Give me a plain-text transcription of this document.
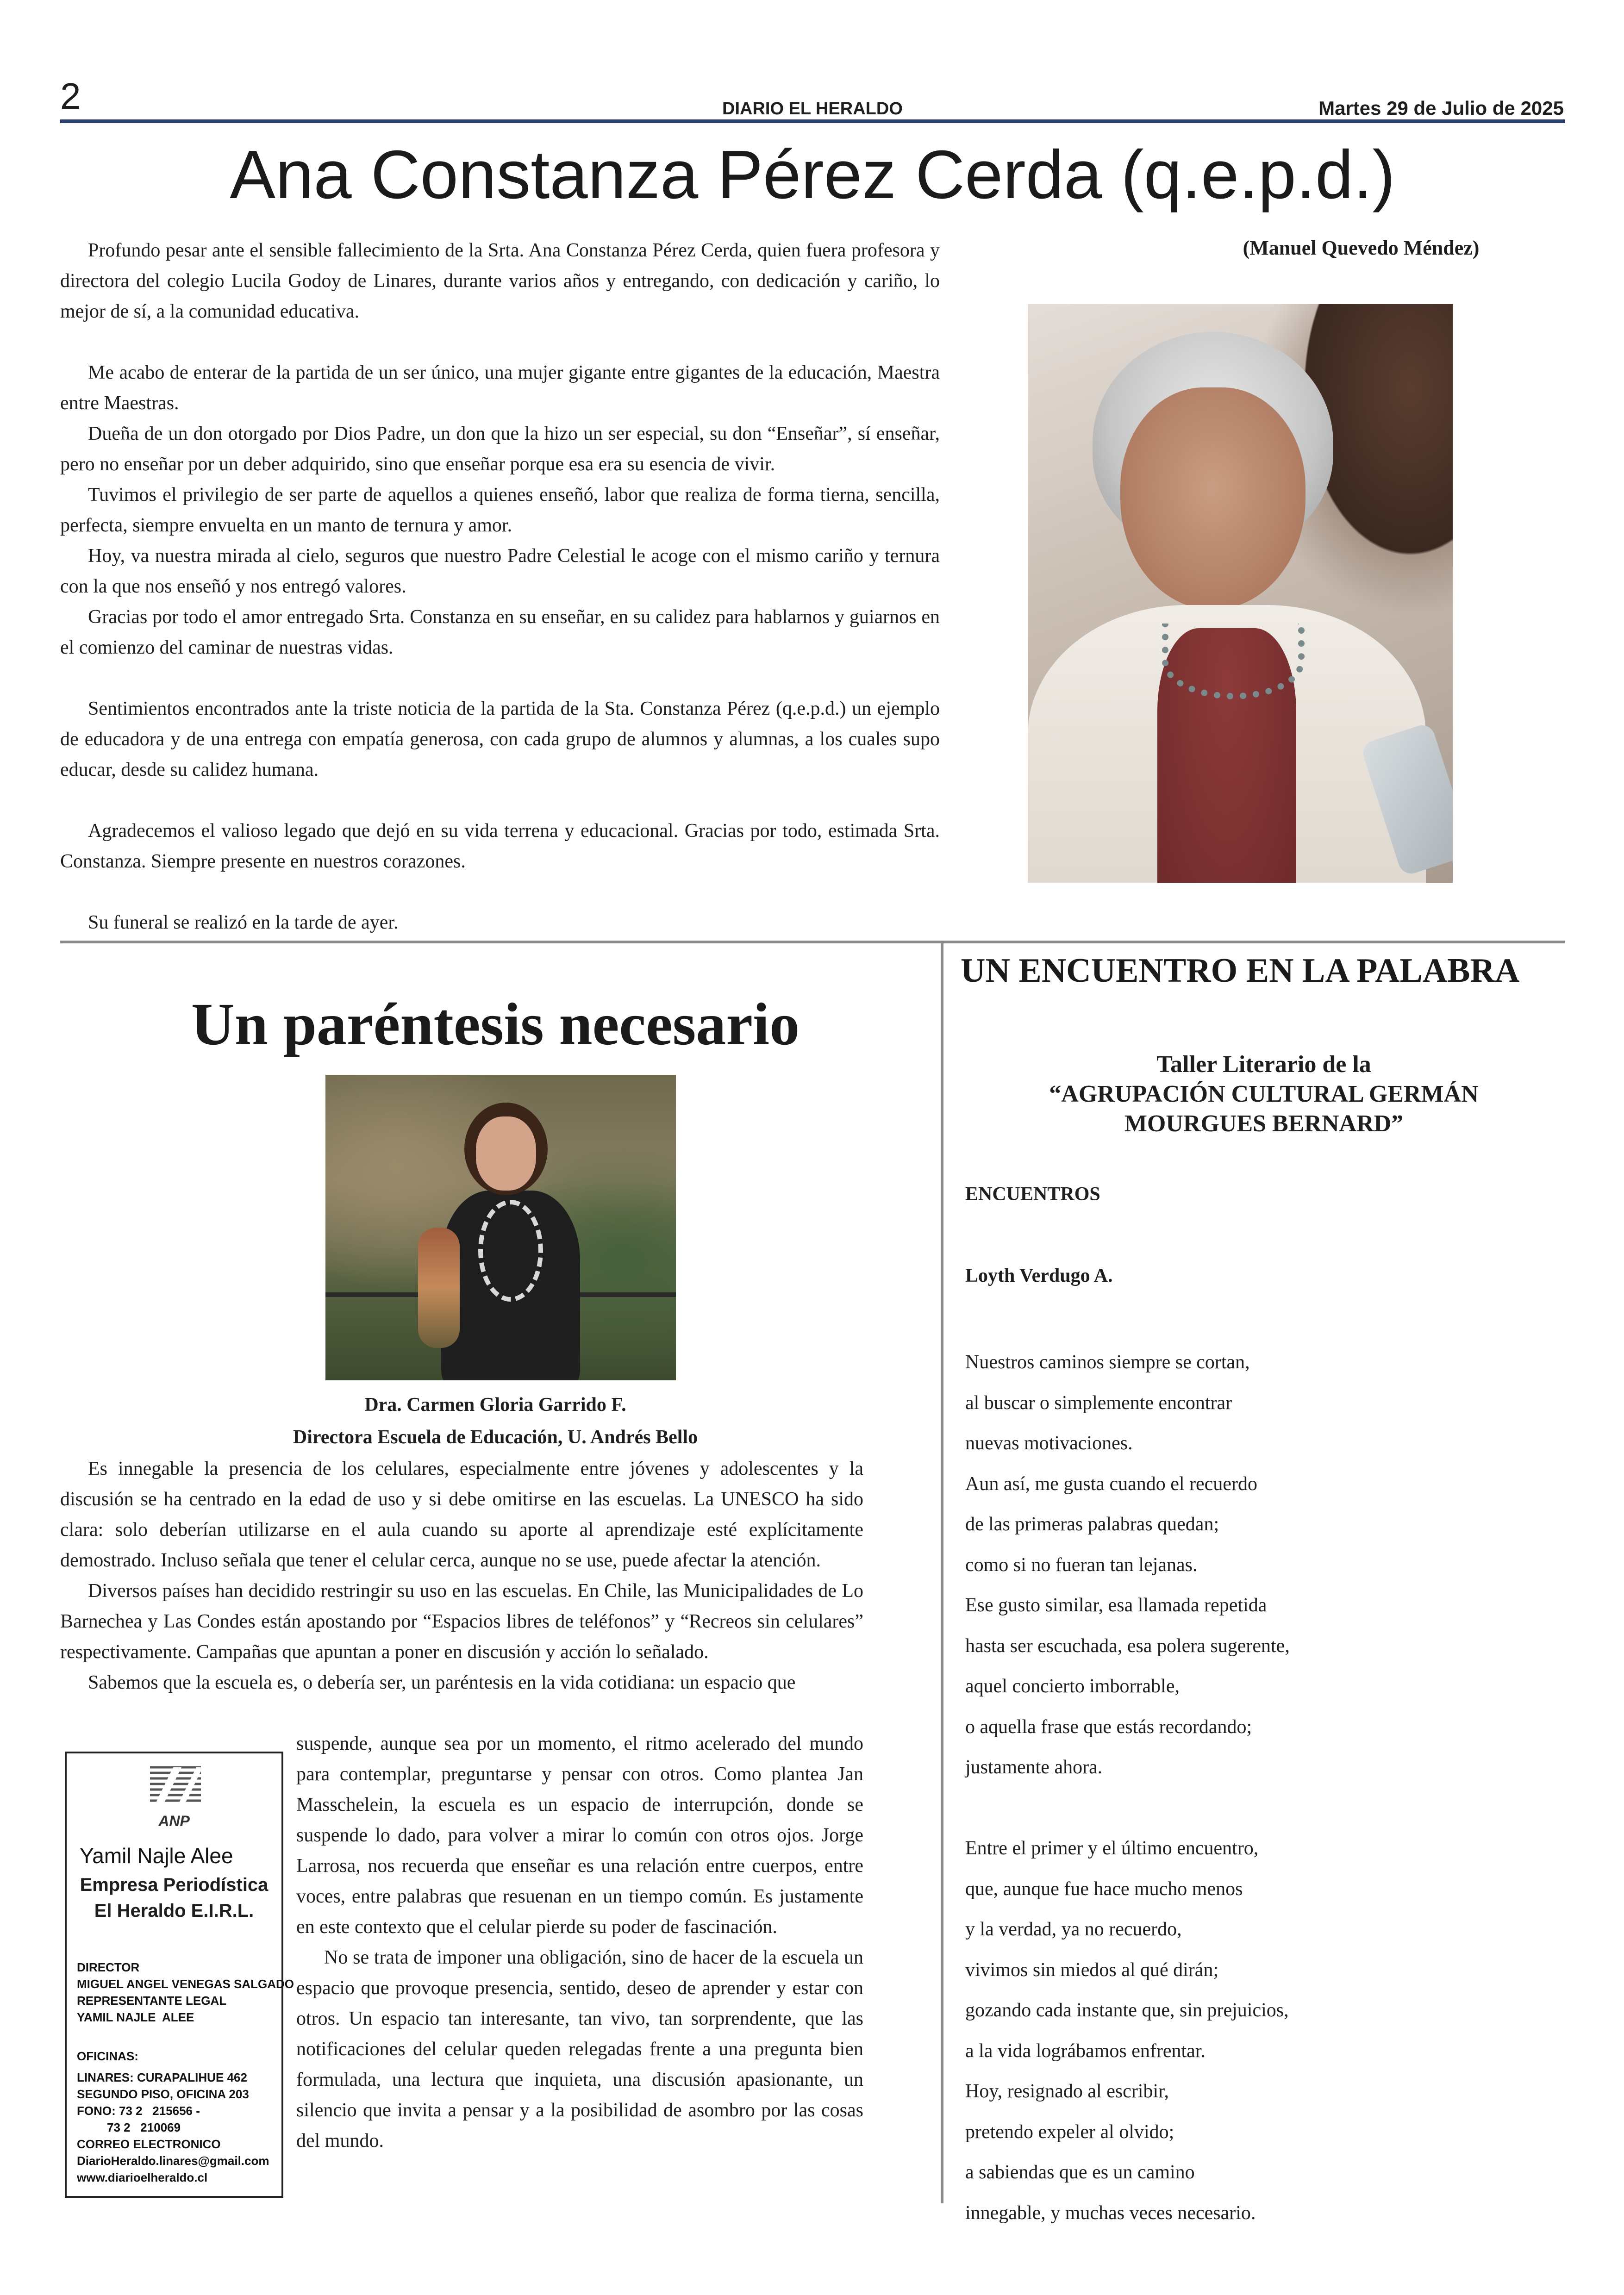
2	DIARIO EL HERALDO	Martes 29 de Julio de 2025
Ana Constanza Pérez Cerda (q.e.p.d.)
(Manuel Quevedo Méndez)

Profundo pesar ante el sensible fallecimiento de la Srta. Ana Constanza Pérez Cerda, quien fuera profesora y directora del colegio Lucila Godoy de Linares, durante varios años y entregando, con dedicación y cariño, lo mejor de sí, a la comunidad educativa.

Me acabo de enterar de la partida de un ser único, una mujer gigante entre gigantes de la educación, Maestra entre Maestras.

Dueña de un don otorgado por Dios Padre, un don que la hizo un ser especial, su don “Enseñar”, sí enseñar, pero no enseñar por un deber adquirido, sino que enseñar porque esa era su esencia de vivir.

Tuvimos el privilegio de ser parte de aquellos a quienes enseñó, labor que realiza de forma tierna, sencilla, perfecta, siempre envuelta en un manto de ternura y amor.

Hoy, va nuestra mirada al cielo, seguros que nuestro Padre Celestial le acoge con el mismo cariño y ternura con la que nos enseñó y nos entregó valores.

Gracias por todo el amor entregado Srta. Constanza en su enseñar, en su calidez para hablarnos y guiarnos en el comienzo del caminar de nuestras vidas.

Sentimientos encontrados ante la triste noticia de la partida de la Sta. Constanza Pérez (q.e.p.d.) un ejemplo de educadora y de una entrega con empatía generosa, con cada grupo de alumnos y alumnas, a los cuales supo educar, desde su calidez humana.

Agradecemos el valioso legado que dejó en su vida terrena y educacional. Gracias por todo, estimada Srta. Constanza. Siempre presente en nuestros corazones.

Su funeral se realizó en la tarde de ayer.

Un paréntesis necesario
Dra. Carmen Gloria Garrido F.
Directora Escuela de Educación, U. Andrés Bello

Es innegable la presencia de los celulares, especialmente entre jóvenes y adolescentes y la discusión se ha centrado en la edad de uso y si debe omitirse en las escuelas. La UNESCO ha sido clara: solo deberían utilizarse en el aula cuando su aporte al aprendizaje esté explícitamente demostrado. Incluso señala que tener el celular cerca, aunque no se use, puede afectar la atención.

Diversos países han decidido restringir su uso en las escuelas. En Chile, las Municipalidades de Lo Barnechea y Las Condes están apostando por “Espacios libres de teléfonos” y “Recreos sin celulares” respectivamente. Campañas que apuntan a poner en discusión y acción lo señalado.

Sabemos que la escuela es, o debería ser, un paréntesis en la vida cotidiana: un espacio que

suspende, aunque sea por un momento, el ritmo acelerado del mundo para contemplar, preguntarse y pensar con otros. Como plantea Jan Masschelein, la escuela es un espacio de interrupción, donde se suspende lo dado, para volver a mirar lo común con otros ojos. Jorge Larrosa, nos recuerda que enseñar es una relación entre cuerpos, entre voces, entre palabras que resuenan en un tiempo común. Es justamente en este contexto que el celular pierde su poder de fascinación.

No se trata de imponer una obligación, sino de hacer de la escuela un espacio que provoque presencia, sentido, deseo de aprender y estar con otros. Un espacio tan interesante, tan vivo, tan sorprendente, que las notificaciones del celular queden relegadas frente a una pregunta bien formulada, una lectura que inquieta, una discusión apasionante, un silencio que invita a pensar y a la posibilidad de asombro por las cosas del mundo.

ANP
Yamil Najle Alee
Empresa Periodística
El Heraldo E.I.R.L.
DIRECTOR
MIGUEL ANGEL VENEGAS SALGADO
REPRESENTANTE LEGAL
YAMIL NAJLE  ALEE
OFICINAS:
LINARES: CURAPALIHUE 462
SEGUNDO PISO, OFICINA 203
FONO: 73 2   215656 -
73 2   210069
CORREO ELECTRONICO
DiarioHeraldo.linares@gmail.com
www.diarioelheraldo.cl
UN ENCUENTRO EN LA PALABRA
Taller Literario de la
“AGRUPACIÓN CULTURAL GERMÁN
MOURGUES BERNARD”
ENCUENTROS
Loyth Verdugo A.
Nuestros caminos siempre se cortan,
al buscar o simplemente encontrar
nuevas motivaciones.
Aun así, me gusta cuando el recuerdo
de las primeras palabras quedan;
como si no fueran tan lejanas.
Ese gusto similar, esa llamada repetida
hasta ser escuchada, esa polera sugerente,
aquel concierto imborrable,
o aquella frase que estás recordando;
justamente ahora.
Entre el primer y el último encuentro,
que, aunque fue hace mucho menos
y la verdad, ya no recuerdo,
vivimos sin miedos al qué dirán;
gozando cada instante que, sin prejuicios,
a la vida lográbamos enfrentar.
Hoy, resignado al escribir,
pretendo expeler al olvido;
a sabiendas que es un camino
innegable, y muchas veces necesario.
